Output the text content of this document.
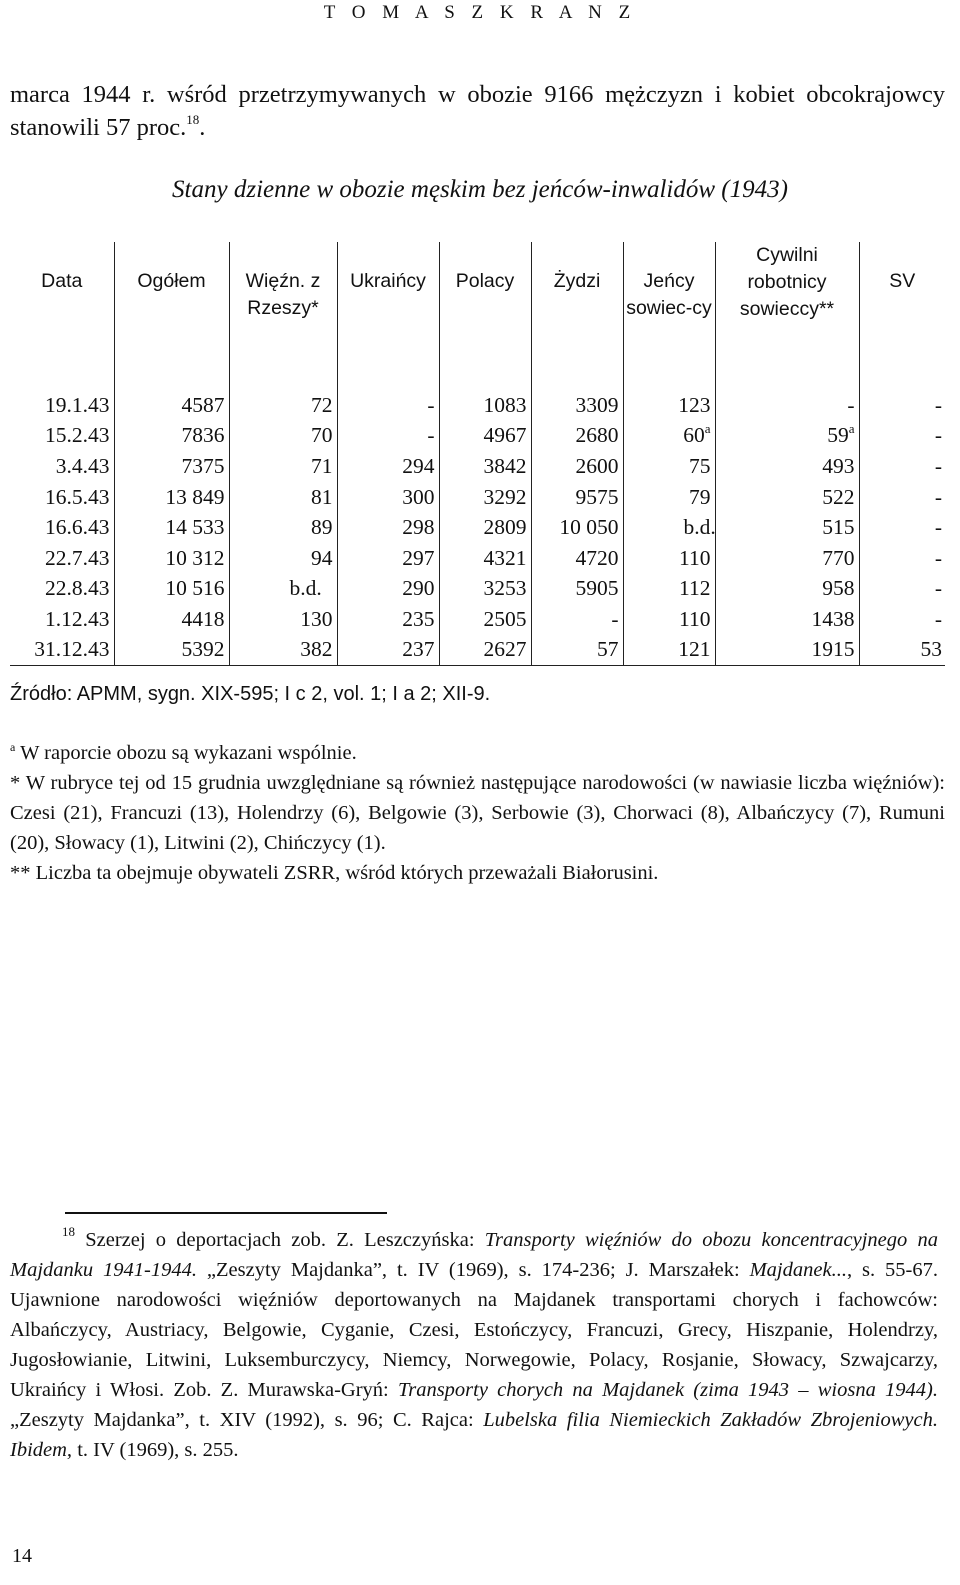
T O M A S Z K R A N Z
marca 1944 r. wśród przetrzymywanych w obozie 9166 mężczyzn i kobiet obcokrajowcy stanowili 57 proc.$^{18}$.
Stany dzienne w obozie męskim bez jeńców-inwalidów (1943)
Data	Ogółem	Więźn. z Rzeszy*	Ukraińcy	Polacy	Żydzi	Jeńcy sowiec-cy	Cywilni robotnicy sowieccy**	SV

19.1.43	4587	72	-	1083	3309	123	-	-
15.2.43	7836	70	-	4967	2680	60$^a$	59$^a$	-
3.4.43	7375	71	294	3842	2600	75	493	-
16.5.43	13 849	81	300	3292	9575	79	522	-
16.6.43	14 533	89	298	2809	10 050	b.d.	515	-
22.7.43	10 312	94	297	4321	4720	110	770	-
22.8.43	10 516	b.d.	290	3253	5905	112	958	-
1.12.43	4418	130	235	2505	-	110	1438	-
31.12.43	5392	382	237	2627	57	121	1915	53
Źródło: APMM, sygn. XIX-595; I c 2, vol. 1; I a 2; XII-9.

$^a$ W raporcie obozu są wykazani wspólnie.

* W rubryce tej od 15 grudnia uwzględniane są również następujące narodowości (w nawiasie liczba więźniów): Czesi (21), Francuzi (13), Holendrzy (6), Belgowie (3), Serbowie (3), Chorwaci (8), Albańczycy (7), Rumuni (20), Słowacy (1), Litwini (2), Chińczycy (1).

** Liczba ta obejmuje obywateli ZSRR, wśród których przeważali Białorusini.

$^{18}$ Szerzej o deportacjach zob. Z. Leszczyńska: Transporty więźniów do obozu koncentracyjnego na Majdanku 1941-1944. „Zeszyty Majdanka”, t. IV (1969), s. 174-236; J. Marszałek: Majdanek..., s. 55-67. Ujawnione narodowości więźniów deportowanych na Majdanek transportami chorych i fachowców: Albańczycy, Austriacy, Belgowie, Cyganie, Czesi, Estończycy, Francuzi, Grecy, Hiszpanie, Holendrzy, Jugosłowianie, Litwini, Luksemburczycy, Niemcy, Norwegowie, Polacy, Rosjanie, Słowacy, Szwajcarzy, Ukraińcy i Włosi. Zob. Z. Murawska-Gryń: Transporty chorych na Majdanek (zima 1943 – wiosna 1944). „Zeszyty Majdanka”, t. XIV (1992), s. 96; C. Rajca: Lubelska filia Niemieckich Zakładów Zbrojeniowych. Ibidem, t. IV (1969), s. 255.
14
